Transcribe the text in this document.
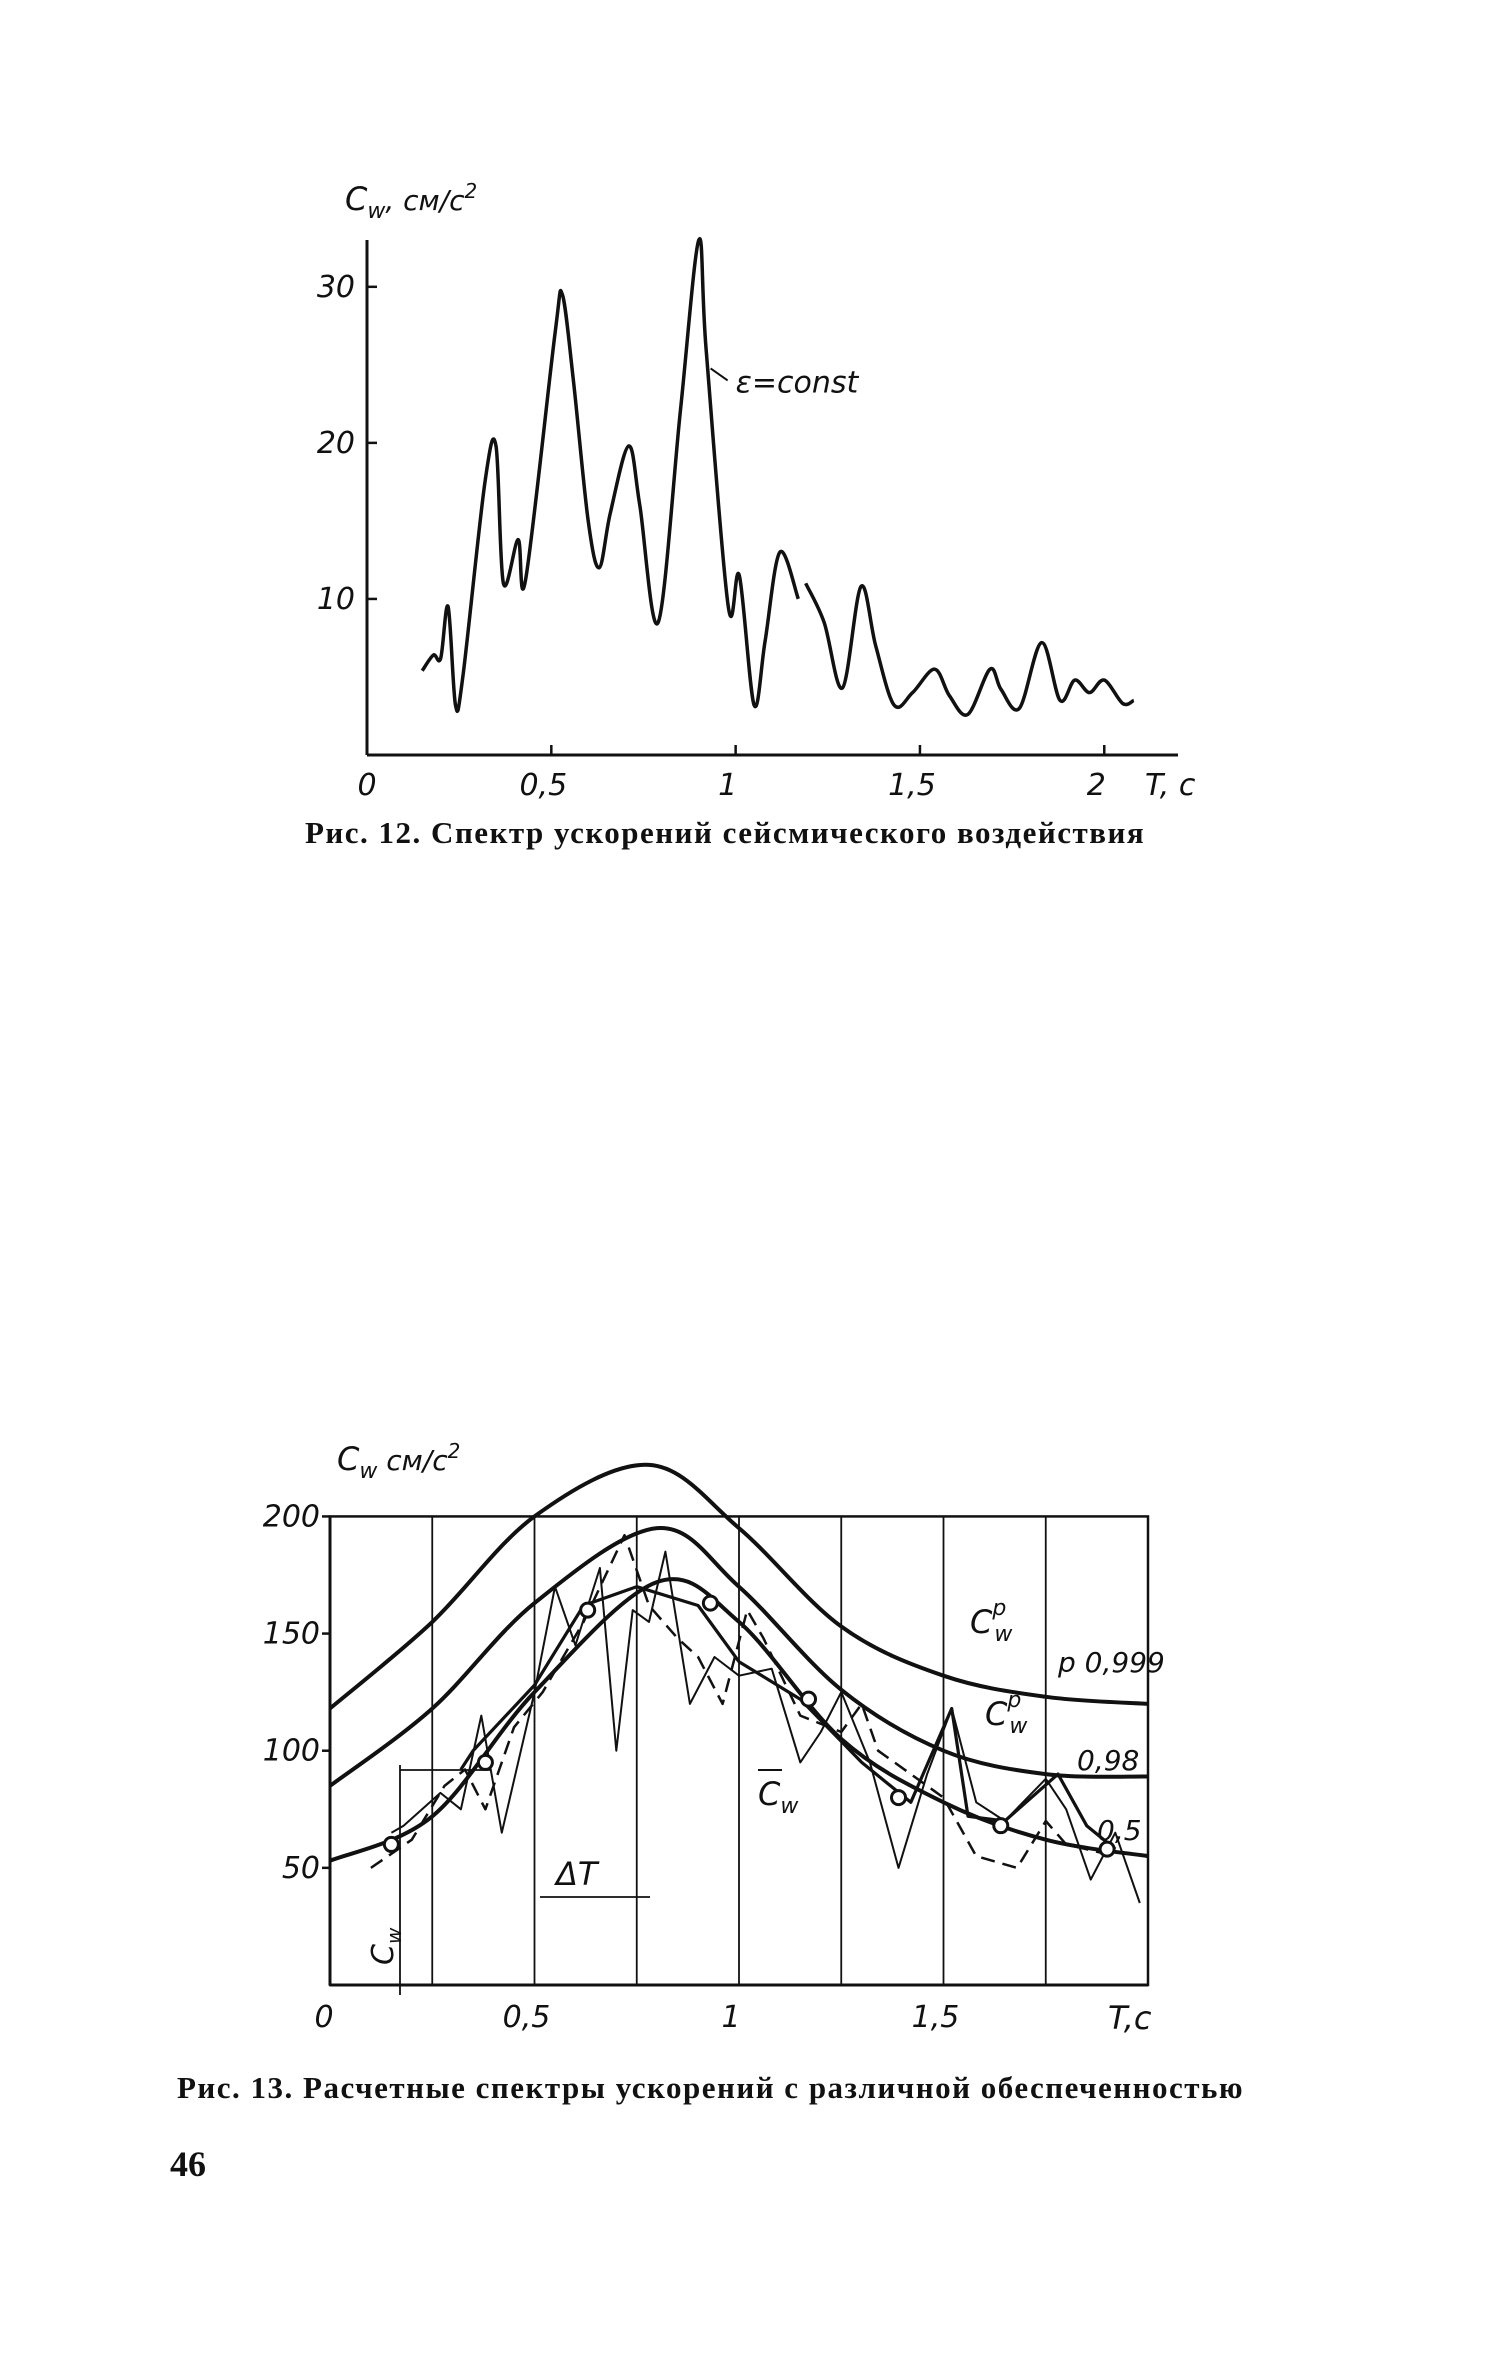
0	0,5	1	1,5	2
10
20
30
$C_w$, $см/с^2$
T, с
ε=const
50
150
100
200
0	0,5	1	1,5
$C_w$ $см/с^2$
T,с
$C^p$ w
$C^p$ w
p 0,999
0,98
0,5
$C_w$
$C_w$
ΔT
Рис. 12. Спектр ускорений сейсмического воздействия
Рис. 13. Расчетные спектры ускорений с различной обеспеченностью
46
